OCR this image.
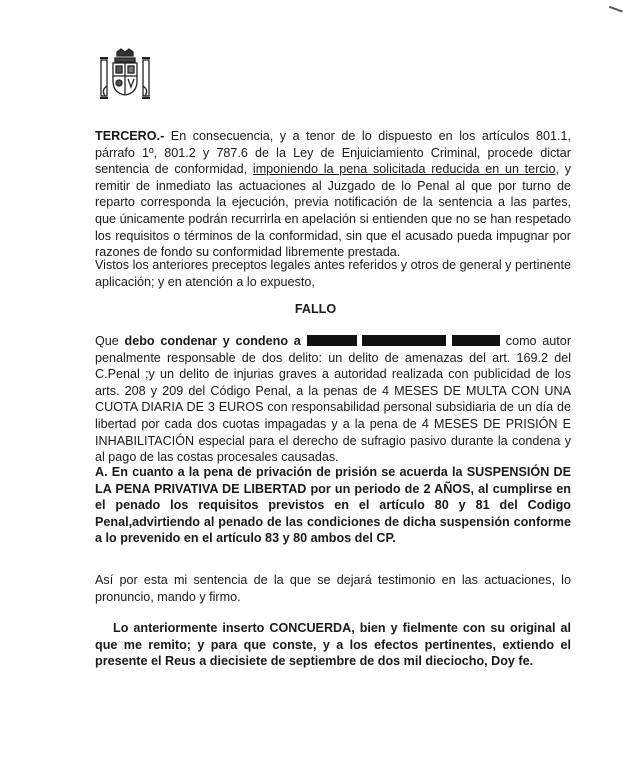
TERCERO.- En consecuencia, y a tenor de lo dispuesto en los artículos 801.1, párrafo 1º, 801.2 y 787.6 de la Ley de Enjuiciamiento Criminal, procede dictar sentencia de conformidad, imponiendo la pena solicitada reducida en un tercio, y remitir de inmediato las actuaciones al Juzgado de lo Penal al que por turno de reparto corresponda la ejecución, previa notificación de la sentencia a las partes, que únicamente podrán recurrirla en apelación si entienden que no se han respetado los requisitos o términos de la conformidad, sin que el acusado pueda impugnar por razones de fondo su conformidad libremente prestada.

Vistos los anteriores preceptos legales antes referidos y otros de general y pertinente aplicación; y en atención a lo expuesto,

FALLO

Que debo condenar y condeno a	como autor penalmente responsable de dos delito: un delito de amenazas del art. 169.2 del C.Penal ;y un delito de injurias graves a autoridad realizada con publicidad de los arts. 208 y 209 del Código Penal, a la penas de 4 MESES DE MULTA CON UNA CUOTA DIARIA DE 3 EUROS con responsabilidad personal subsidiaria de un día de libertad por cada dos cuotas impagadas y a la pena de 4 MESES DE PRISIÓN E INHABILITACIÓN especial para el derecho de sufragio pasivo durante la condena y al pago de las costas procesales causadas.

A. En cuanto a la pena de privación de prisión se acuerda la SUSPENSIÓN DE LA PENA PRIVATIVA DE LIBERTAD por un periodo de 2 AÑOS, al cumplirse en el penado los requisitos previstos en el artículo 80 y 81 del Codigo Penal,advirtiendo al penado de las condiciones de dicha suspensión conforme a lo prevenido en el artículo 83 y 80 ambos del CP.

Así por esta mi sentencia de la que se dejará testimonio en las actuaciones, lo pronuncio, mando y firmo.

Lo anteriormente inserto CONCUERDA, bien y fielmente con su original al que me remito; y para que conste, y a los efectos pertinentes, extiendo el presente el Reus a diecisiete de septiembre de dos mil dieciocho, Doy fe.
